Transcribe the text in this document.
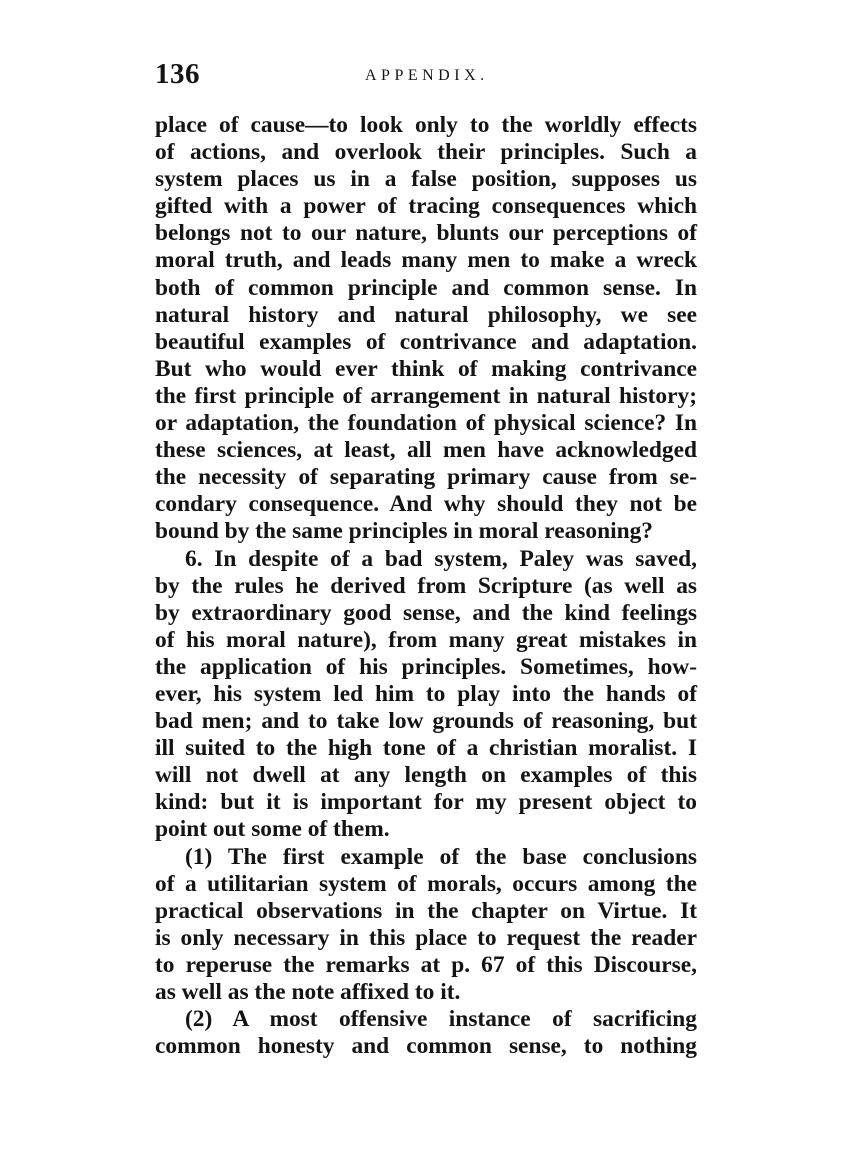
136	APPENDIX.
place of cause—to look only to the worldly effects
of actions, and overlook their principles. Such a
system places us in a false position, supposes us
gifted with a power of tracing consequences which
belongs not to our nature, blunts our perceptions of
moral truth, and leads many men to make a wreck
both of common principle and common sense. In
natural history and natural philosophy, we see
beautiful examples of contrivance and adaptation.
But who would ever think of making contrivance
the first principle of arrangement in natural history;
or adaptation, the foundation of physical science? In
these sciences, at least, all men have acknowledged
the necessity of separating primary cause from se-
condary consequence. And why should they not be
bound by the same principles in moral reasoning?
6. In despite of a bad system, Paley was saved,
by the rules he derived from Scripture (as well as
by extraordinary good sense, and the kind feelings
of his moral nature), from many great mistakes in
the application of his principles. Sometimes, how-
ever, his system led him to play into the hands of
bad men; and to take low grounds of reasoning, but
ill suited to the high tone of a christian moralist. I
will not dwell at any length on examples of this
kind: but it is important for my present object to
point out some of them.
(1) The first example of the base conclusions
of a utilitarian system of morals, occurs among the
practical observations in the chapter on Virtue. It
is only necessary in this place to request the reader
to reperuse the remarks at p. 67 of this Discourse,
as well as the note affixed to it.
(2) A most offensive instance of sacrificing
common honesty and common sense, to nothing
